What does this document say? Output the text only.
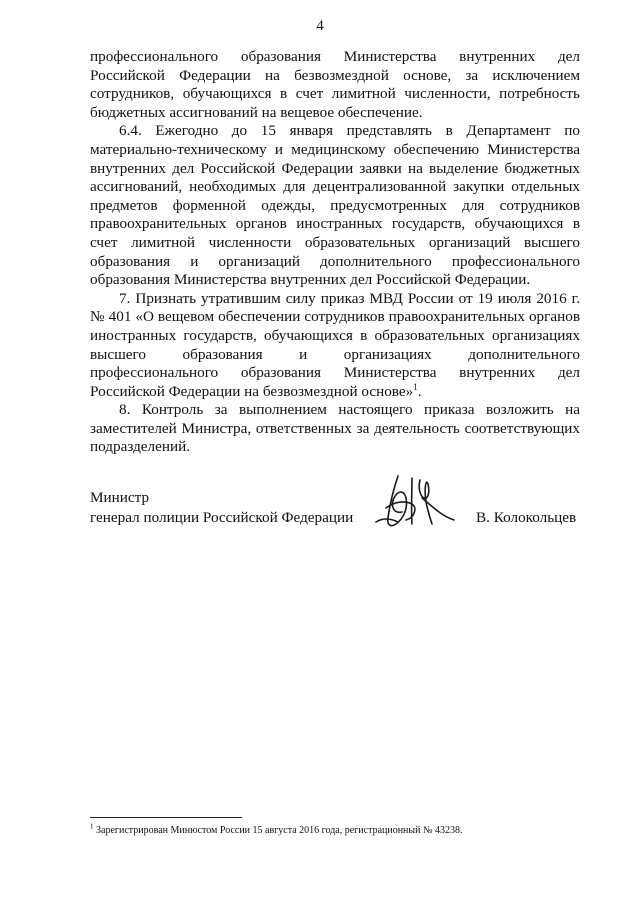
4

профессионального образования Министерства внутренних дел Российской Федерации на безвозмездной основе, за исключением сотрудников, обучающихся в счет лимитной численности, потребность бюджетных ассигнований на вещевое обеспечение.

6.4. Ежегодно до 15 января представлять в Департамент по материально-техническому и медицинскому обеспечению Министерства внутренних дел Российской Федерации заявки на выделение бюджетных ассигнований, необходимых для децентрализованной закупки отдельных предметов форменной одежды, предусмотренных для сотрудников правоохранительных органов иностранных государств, обучающихся в счет лимитной численности образовательных организаций высшего образования и организаций дополнительного профессионального образования Министерства внутренних дел Российской Федерации.

7. Признать утратившим силу приказ МВД России от 19 июля 2016 г. № 401 «О вещевом обеспечении сотрудников правоохранительных органов иностранных государств, обучающихся в образовательных организациях высшего образования и организациях дополнительного профессионального образования Министерства внутренних дел Российской Федерации на безвозмездной основе»$^1$.

8. Контроль за выполнением настоящего приказа возложить на заместителей Министра, ответственных за деятельность соответствующих подразделений.

Министр
генерал полиции Российской Федерации	В. Колокольцев
$^1$ Зарегистрирован Минюстом России 15 августа 2016 года, регистрационный № 43238.
